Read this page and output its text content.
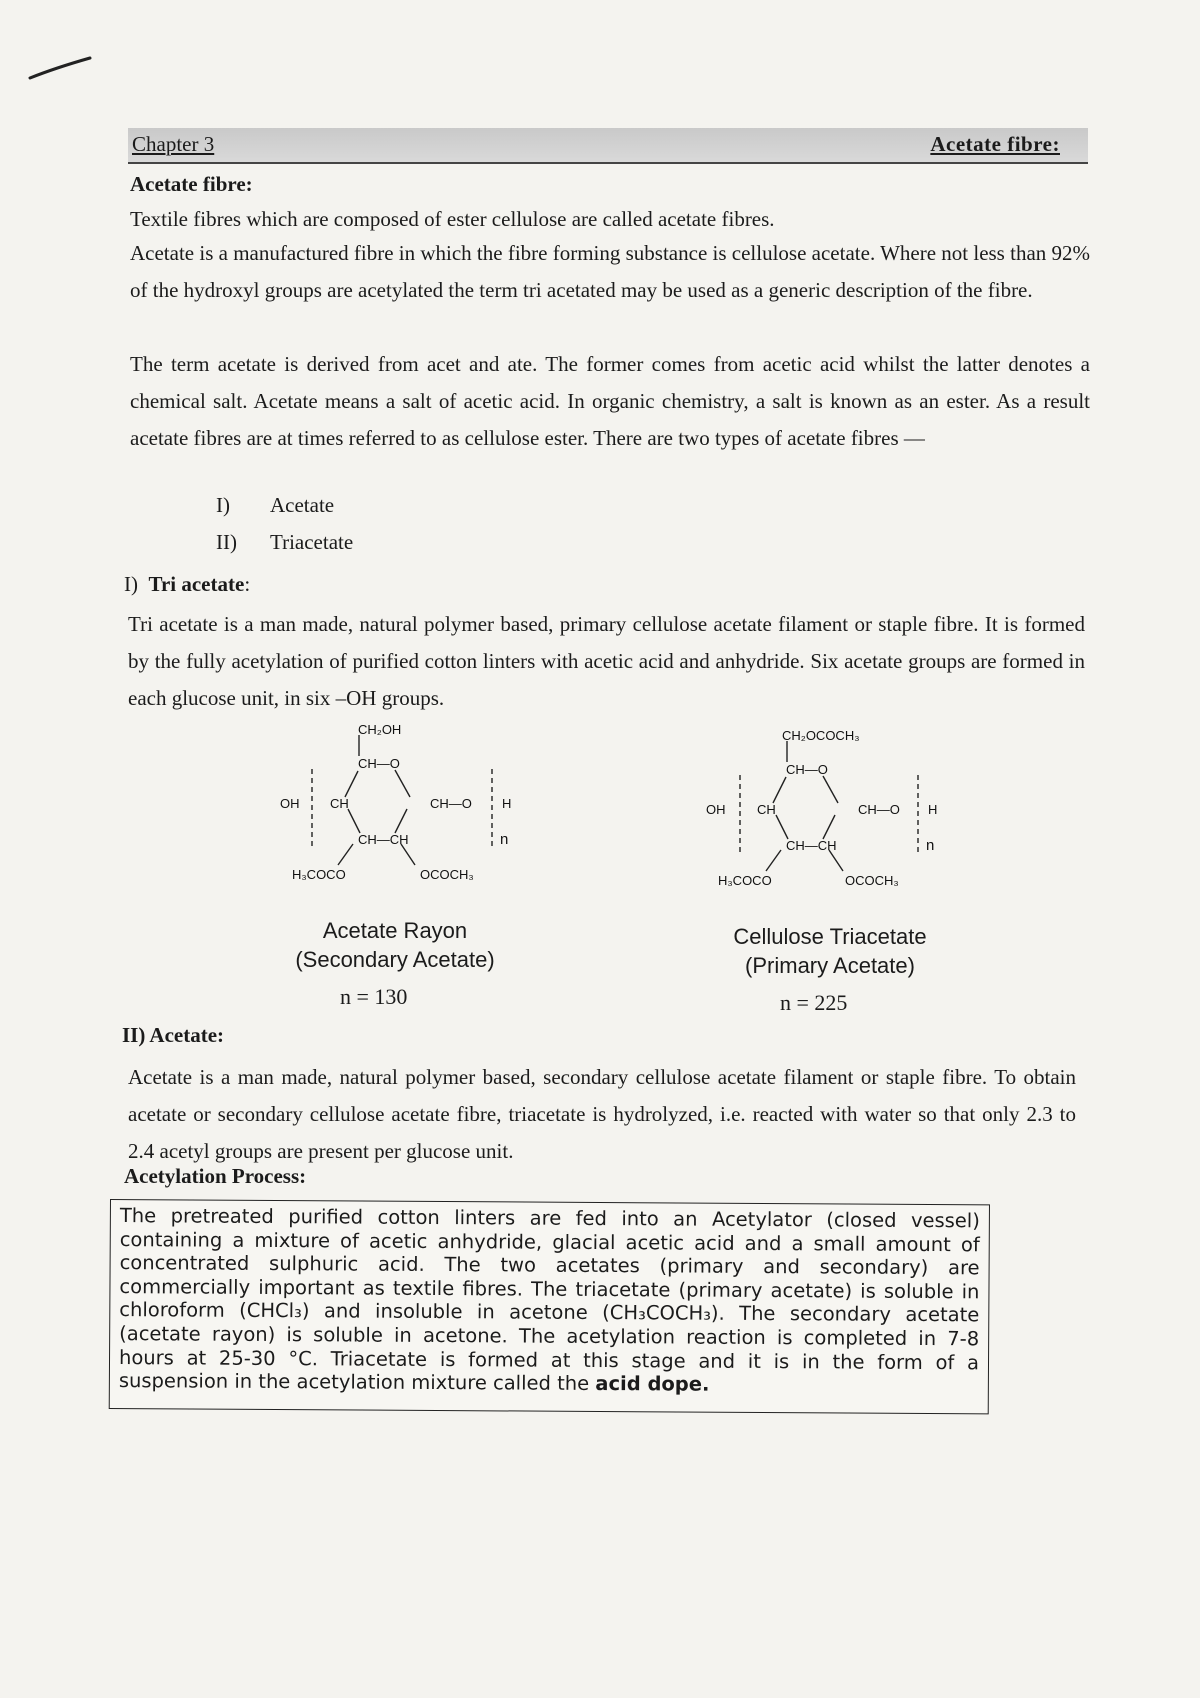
Chapter 3	Acetate fibre:
Acetate fibre:
Textile fibres which are composed of ester cellulose are called acetate fibres.
Acetate is a manufactured fibre in which the fibre forming substance is cellulose acetate. Where not less than 92% of the hydroxyl groups are acetylated the term tri acetated may be used as a generic description of the fibre.
The term acetate is derived from acet and ate. The former comes from acetic acid whilst the latter denotes a chemical salt. Acetate means a salt of acetic acid. In organic chemistry, a salt is known as an ester. As a result acetate fibres are at times referred to as cellulose ester. There are two types of acetate fibres —
I) Acetate
II) Triacetate
I) Tri acetate:
Tri acetate is a man made, natural polymer based, primary cellulose acetate filament or staple fibre. It is formed by the fully acetylation of purified cotton linters with acetic acid and anhydride. Six acetate groups are formed in each glucose unit, in six –OH groups.
CH₂OH
CH—O
OH CH	CH—O H
CH—CH	n
H₃COCO	OCOCH₃
Acetate Rayon
(Secondary Acetate)
n = 130
CH₂OCOCH₃
CH—O
OH CH	CH—O H
CH—CH	n
H₃COCO	OCOCH₃
Cellulose Triacetate
(Primary Acetate)
n = 225
II) Acetate:
Acetate is a man made, natural polymer based, secondary cellulose acetate filament or staple fibre. To obtain acetate or secondary cellulose acetate fibre, triacetate is hydrolyzed, i.e. reacted with water so that only 2.3 to 2.4 acetyl groups are present per glucose unit.
Acetylation Process:
The pretreated purified cotton linters are fed into an Acetylator (closed vessel) containing a mixture of acetic anhydride, glacial acetic acid and a small amount of concentrated sulphuric acid. The two acetates (primary and secondary) are commercially important as textile fibres. The triacetate (primary acetate) is soluble in chloroform (CHCl₃) and insoluble in acetone (CH₃COCH₃). The secondary acetate (acetate rayon) is soluble in acetone. The acetylation reaction is completed in 7-8 hours at 25-30 °C. Triacetate is formed at this stage and it is in the form of a suspension in the acetylation mixture called the acid dope.
